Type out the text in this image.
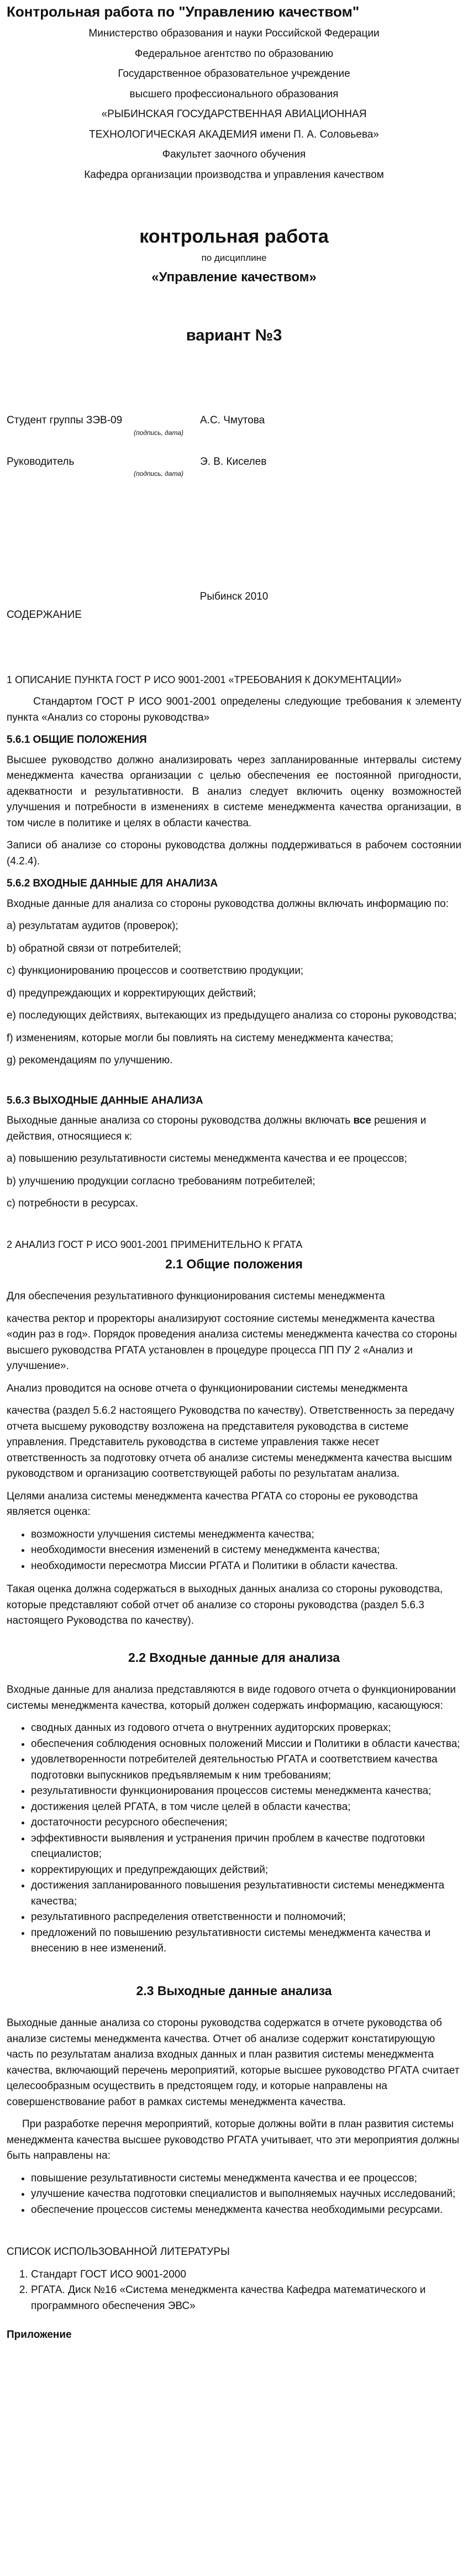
Контрольная работа по "Управлению качеством"

Министерство образования и науки Российской Федерации

Федеральное агентство по образованию

Государственное образовательное учреждение

высшего профессионального образования

«РЫБИНСКАЯ ГОСУДАРСТВЕННАЯ АВИАЦИОННАЯ

ТЕХНОЛОГИЧЕСКАЯ АКАДЕМИЯ имени П. А. Соловьева»

Факультет заочного обучения

Кафедра организации производства и управления качеством

контрольная работа
по дисциплине
«Управление качеством»
вариант №3
Студент группы ЗЭВ-09	А.С. Чмутова
(подпись, дата)
Руководитель	Э. В. Киселев
(подпись, дата)
Рыбинск 2010
СОДЕРЖАНИЕ

1 ОПИСАНИЕ ПУНКТА ГОСТ Р ИСО 9001-2001 «ТРЕБОВАНИЯ К ДОКУМЕНТАЦИИ»

Стандартом ГОСТ Р ИСО 9001-2001 определены следующие требования к элементу пункта «Анализ со стороны руководства»

5.6.1 ОБЩИЕ ПОЛОЖЕНИЯ

Высшее руководство должно анализировать через запланированные интервалы систему менеджмента качества организации с целью обеспечения ее постоянной пригодности, адекватности и результативности. В анализ следует включить оценку возможностей улучшения и потребности в изменениях в системе менеджмента качества организации, в том числе в политике и целях в области качества.

Записи об анализе со стороны руководства должны поддерживаться в рабочем состоянии (4.2.4).

5.6.2 ВХОДНЫЕ ДАННЫЕ ДЛЯ АНАЛИЗА

Входные данные для анализа со стороны руководства должны включать информацию по:

а) результатам аудитов (проверок);

b) обратной связи от потребителей;

c) функционированию процессов и соответствию продукции;

d) предупреждающих и корректирующих действий;

e) последующих действиях, вытекающих из предыдущего анализа со стороны руководства;

f) изменениям, которые могли бы повлиять на систему менеджмента качества;

g) рекомендациям по улучшению.

5.6.3 ВЫХОДНЫЕ ДАННЫЕ АНАЛИЗА

Выходные данные анализа со стороны руководства должны включать все решения и действия, относящиеся к:

а) повышению результативности системы менеджмента качества и ее процессов;

b) улучшению продукции согласно требованиям потребителей;

c) потребности в ресурсах.

2 АНАЛИЗ ГОСТ Р ИСО 9001-2001 ПРИМЕНИТЕЛЬНО К РГАТА

2.1 Общие положения

Для обеспечения результативного функционирования системы менеджмента

качества ректор и проректоры анализируют состояние системы менеджмента качества «один раз в год». Порядок проведения анализа системы менеджмента качества со стороны высшего руководства РГАТА установлен в процедуре процесса ПП ПУ 2 «Анализ и улучшение».

Анализ проводится на основе отчета о функционировании системы менеджмента

качества (раздел 5.6.2 настоящего Руководства по качеству). Ответственность за передачу отчета высшему руководству возложена на представителя руководства в системе управления. Представитель руководства в системе управления также несет ответственность за подготовку отчета об анализе системы менеджмента качества высшим руководством и организацию соответствующей работы по результатам анализа.

Целями анализа системы менеджмента качества РГАТА со стороны ее руководства является оценка:

• возможности улучшения системы менеджмента качества;
• необходимости внесения изменений в систему менеджмента качества;
• необходимости пересмотра Миссии РГАТА и Политики в области качества.

Такая оценка должна содержаться в выходных данных анализа со стороны руководства, которые представляют собой отчет об анализе со стороны руководства (раздел 5.6.3 настоящего Руководства по качеству).

2.2 Входные данные для анализа

Входные данные для анализа представляются в виде годового отчета о функционировании системы менеджмента качества, который должен содержать информацию, касающуюся:

• сводных данных из годового отчета о внутренних аудиторских проверках;
• обеспечения соблюдения основных положений Миссии и Политики в области качества;
• удовлетворенности потребителей деятельностью РГАТА и соответствием качества подготовки выпускников предъявляемым к ним требованиям;
• результативности функционирования процессов системы менеджмента качества;
• достижения целей РГАТА, в том числе целей в области качества;
• достаточности ресурсного обеспечения;
• эффективности выявления и устранения причин проблем в качестве подготовки специалистов;
• корректирующих и предупреждающих действий;
• достижения запланированного повышения результативности системы менеджмента качества;
• результативного распределения ответственности и полномочий;
• предложений по повышению результативности системы менеджмента качества и внесению в нее изменений.
2.3 Выходные данные анализа

Выходные данные анализа со стороны руководства содержатся в отчете руководства об анализе системы менеджмента качества. Отчет об анализе содержит констатирующую часть по результатам анализа входных данных и план развития системы менеджмента качества, включающий перечень мероприятий, которые высшее руководство РГАТА считает целесообразным осуществить в предстоящем году, и которые направлены на совершенствование работ в рамках системы менеджмента качества.

При разработке перечня мероприятий, которые должны войти в план развития системы менеджмента качества высшее руководство РГАТА учитывает, что эти мероприятия должны быть направлены на:

• повышение результативности системы менеджмента качества и ее процессов;
• улучшение качества подготовки специалистов и выполняемых научных исследований;
• обеспечение процессов системы менеджмента качества необходимыми ресурсами.

СПИСОК ИСПОЛЬЗОВАННОЙ ЛИТЕРАТУРЫ

1. Стандарт ГОСТ ИСО 9001-2000
2. РГАТА. Диск №16 «Система менеджмента качества Кафедра математического и программного обеспечения ЭВС»

Приложение
